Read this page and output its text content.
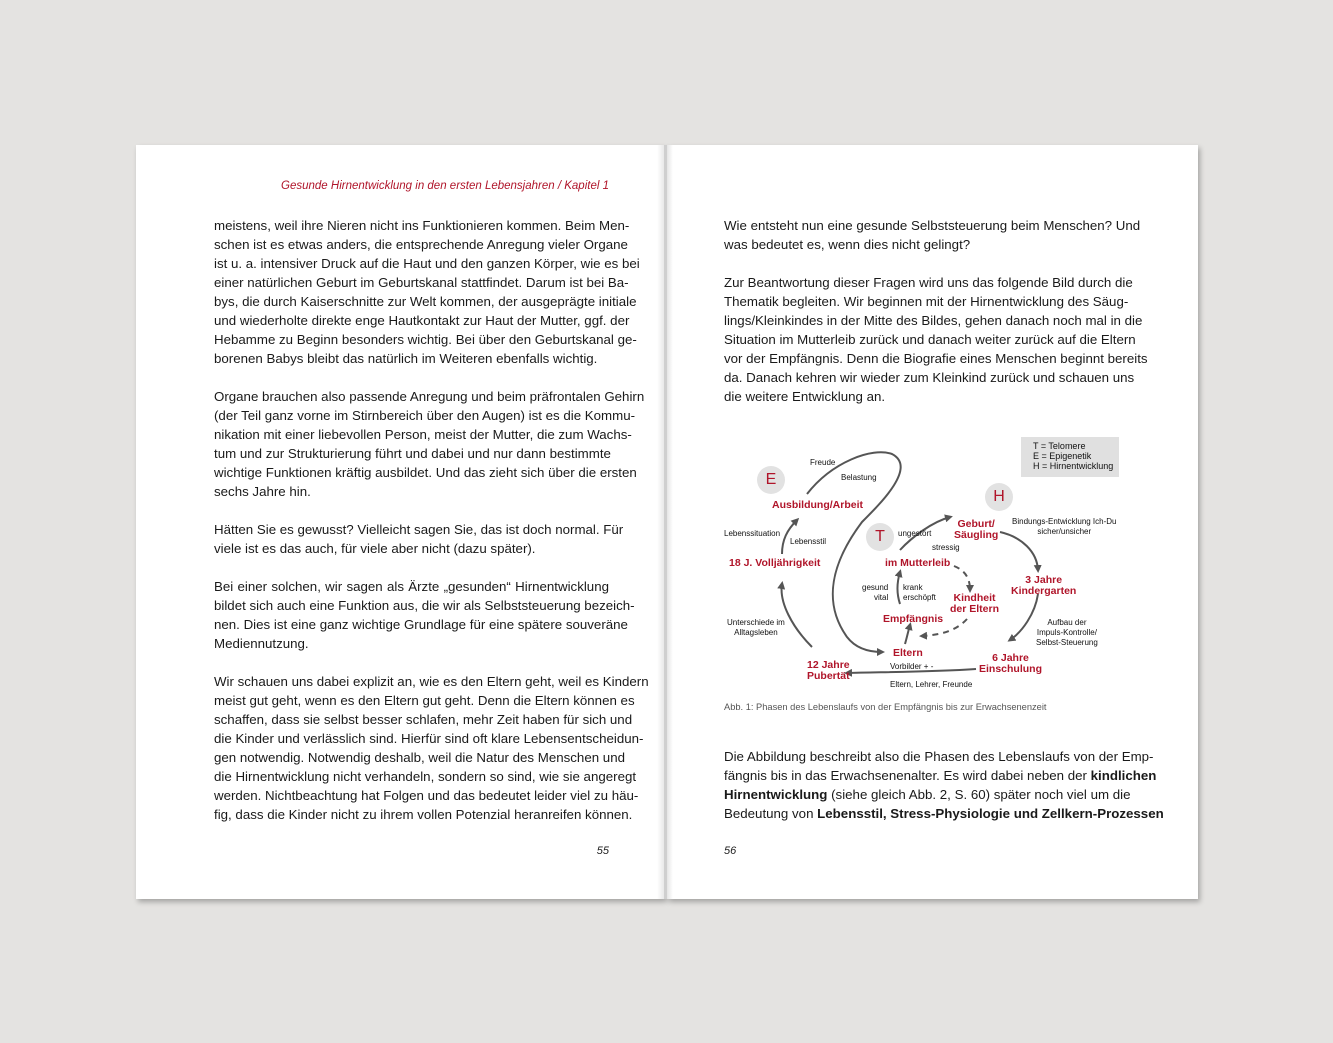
Gesunde Hirnentwicklung in den ersten Lebensjahren / Kapitel 1
meistens, weil ihre Nieren nicht ins Funktionieren kommen. Beim Men-
schen ist es etwas anders, die entsprechende Anregung vieler Organe
ist u. a. intensiver Druck auf die Haut und den ganzen Körper, wie es bei
einer natürlichen Geburt im Geburtskanal stattfindet. Darum ist bei Ba-
bys, die durch Kaiserschnitte zur Welt kommen, der ausgeprägte initiale
und wiederholte direkte enge Hautkontakt zur Haut der Mutter, ggf. der
Hebamme zu Beginn besonders wichtig. Bei über den Geburtskanal ge-
borenen Babys bleibt das natürlich im Weiteren ebenfalls wichtig.
Organe brauchen also passende Anregung und beim präfrontalen Gehirn
(der Teil ganz vorne im Stirnbereich über den Augen) ist es die Kommu-
nikation mit einer liebevollen Person, meist der Mutter, die zum Wachs-
tum und zur Strukturierung führt und dabei und nur dann bestimmte
wichtige Funktionen kräftig ausbildet. Und das zieht sich über die ersten
sechs Jahre hin.
Hätten Sie es gewusst? Vielleicht sagen Sie, das ist doch normal. Für
viele ist es das auch, für viele aber nicht (dazu später).
Bei einer solchen, wir sagen als Ärzte „gesunden“ Hirnentwicklung
bildet sich auch eine Funktion aus, die wir als Selbststeuerung bezeich-
nen. Dies ist eine ganz wichtige Grundlage für eine spätere souveräne
Mediennutzung.
Wir schauen uns dabei explizit an, wie es den Eltern geht, weil es Kindern
meist gut geht, wenn es den Eltern gut geht. Denn die Eltern können es
schaffen, dass sie selbst besser schlafen, mehr Zeit haben für sich und
die Kinder und verlässlich sind. Hierfür sind oft klare Lebensentscheidun-
gen notwendig. Notwendig deshalb, weil die Natur des Menschen und
die Hirnentwicklung nicht verhandeln, sondern so sind, wie sie angeregt
werden. Nichtbeachtung hat Folgen und das bedeutet leider viel zu häu-
fig, dass die Kinder nicht zu ihrem vollen Potenzial heranreifen können.
55
Wie entsteht nun eine gesunde Selbststeuerung beim Menschen? Und
was bedeutet es, wenn dies nicht gelingt?
Zur Beantwortung dieser Fragen wird uns das folgende Bild durch die
Thematik begleiten. Wir beginnen mit der Hirnentwicklung des Säug-
lings/Kleinkindes in der Mitte des Bildes, gehen danach noch mal in die
Situation im Mutterleib zurück und danach weiter zurück auf die Eltern
vor der Empfängnis. Denn die Biografie eines Menschen beginnt bereits
da. Danach kehren wir wieder zum Kleinkind zurück und schauen uns
die weitere Entwicklung an.
T = Telomere
E = Epigenetik
H = Hirnentwicklung
E
T
H
Ausbildung/Arbeit
18 J. Volljährigkeit
12 Jahre
Pubertät
im Mutterleib
Empfängnis
Eltern
Kindheit
der Eltern
Geburt/
Säugling
3 Jahre
Kindergarten
6 Jahre
Einschulung
Freude
Belastung
Lebenssituation
Lebensstil
Unterschiede im
Alltagsleben
ungestört
stressig
gesund
vital
krank
erschöpft
Bindungs-Entwicklung Ich-Du
sicher/unsicher
Aufbau der
Impuls-Kontrolle/
Selbst-Steuerung
Vorbilder + -
Eltern, Lehrer, Freunde
Abb. 1: Phasen des Lebenslaufs von der Empfängnis bis zur Erwachsenenzeit
Die Abbildung beschreibt also die Phasen des Lebenslaufs von der Emp-
fängnis bis in das Erwachsenenalter. Es wird dabei neben der kindlichen
Hirnentwicklung (siehe gleich Abb. 2, S. 60) später noch viel um die
Bedeutung von Lebensstil, Stress-Physiologie und Zellkern-Prozessen
56
